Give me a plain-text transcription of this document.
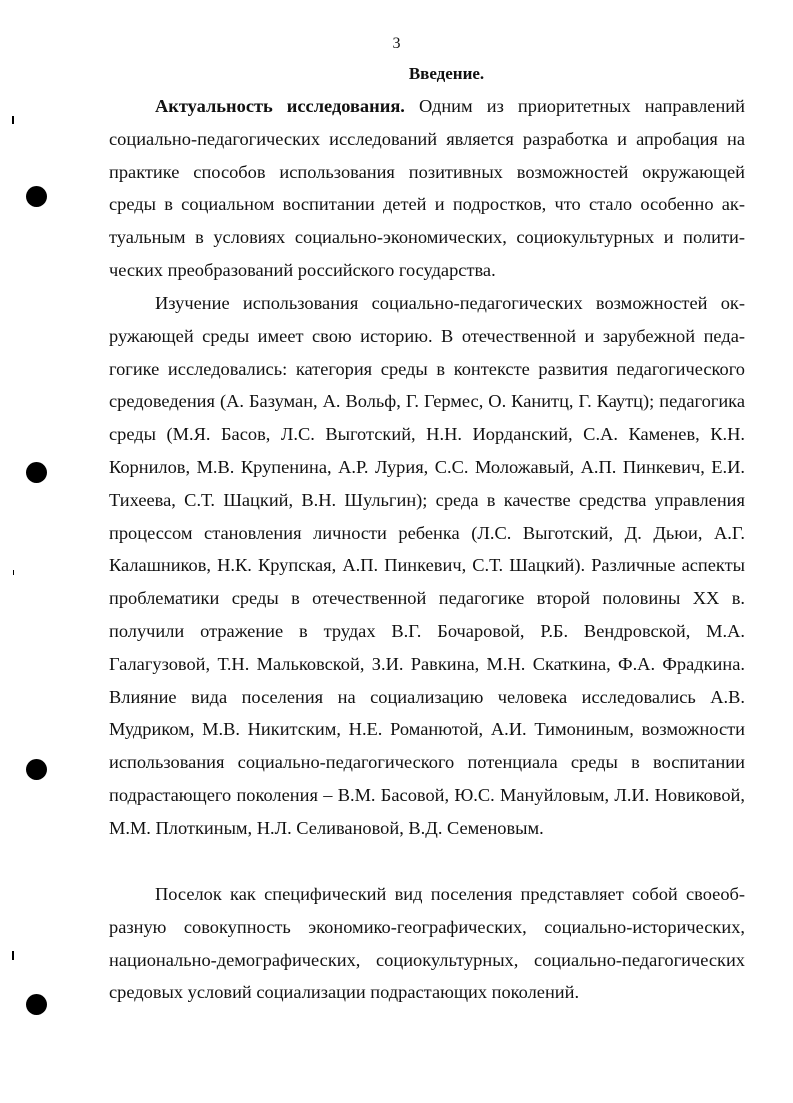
3
Введение.

Актуальность исследования. Одним из приоритетных направлений социально-педагогических исследований является разработка и апробация на практике способов использования позитивных возможностей окружающей среды в социальном воспитании детей и подростков, что стало особенно актуальным в условиях социально-экономических, социокультурных и политических преобразований российского государства.

Изучение использования социально-педагогических возможностей окружающей среды имеет свою историю. В отечественной и зарубежной педагогике исследовались: категория среды в контексте развития педагогического средоведения (А. Базуман, А. Вольф, Г. Гермес, О. Канитц, Г. Каутц); педагогика среды (М.Я. Басов, Л.С. Выготский, Н.Н. Иорданский, С.А. Каменев, К.Н. Корнилов, М.В. Крупенина, А.Р. Лурия, С.С. Моложавый, А.П. Пинкевич, Е.И. Тихеева, С.Т. Шацкий, В.Н. Шульгин); среда в качестве средства управления процессом становления личности ребенка (Л.С. Выготский, Д. Дьюи, А.Г. Калашников, Н.К. Крупская, А.П. Пинкевич, С.Т. Шацкий). Различные аспекты проблематики среды в отечественной педагогике второй половины XX в. получили отражение в трудах В.Г. Бочаровой, Р.Б. Вендровской, М.А. Галагузовой, Т.Н. Мальковской, З.И. Равкина, М.Н. Скаткина, Ф.А. Фрадкина. Влияние вида поселения на социализацию человека исследовались А.В. Мудриком, М.В. Никитским, Н.Е. Романютой, А.И. Тимониным, возможности использования социально-педагогического потенциала среды в воспитании подрастающего поколения – В.М. Басовой, Ю.С. Мануйловым, Л.И. Новиковой, М.М. Плоткиным, Н.Л. Селивановой, В.Д. Семеновым.

Поселок как специфический вид поселения представляет собой своеобразную совокупность экономико-географических, социально-исторических, национально-демографических, социокультурных, социально-педагогических средовых условий социализации подрастающих поколений.
